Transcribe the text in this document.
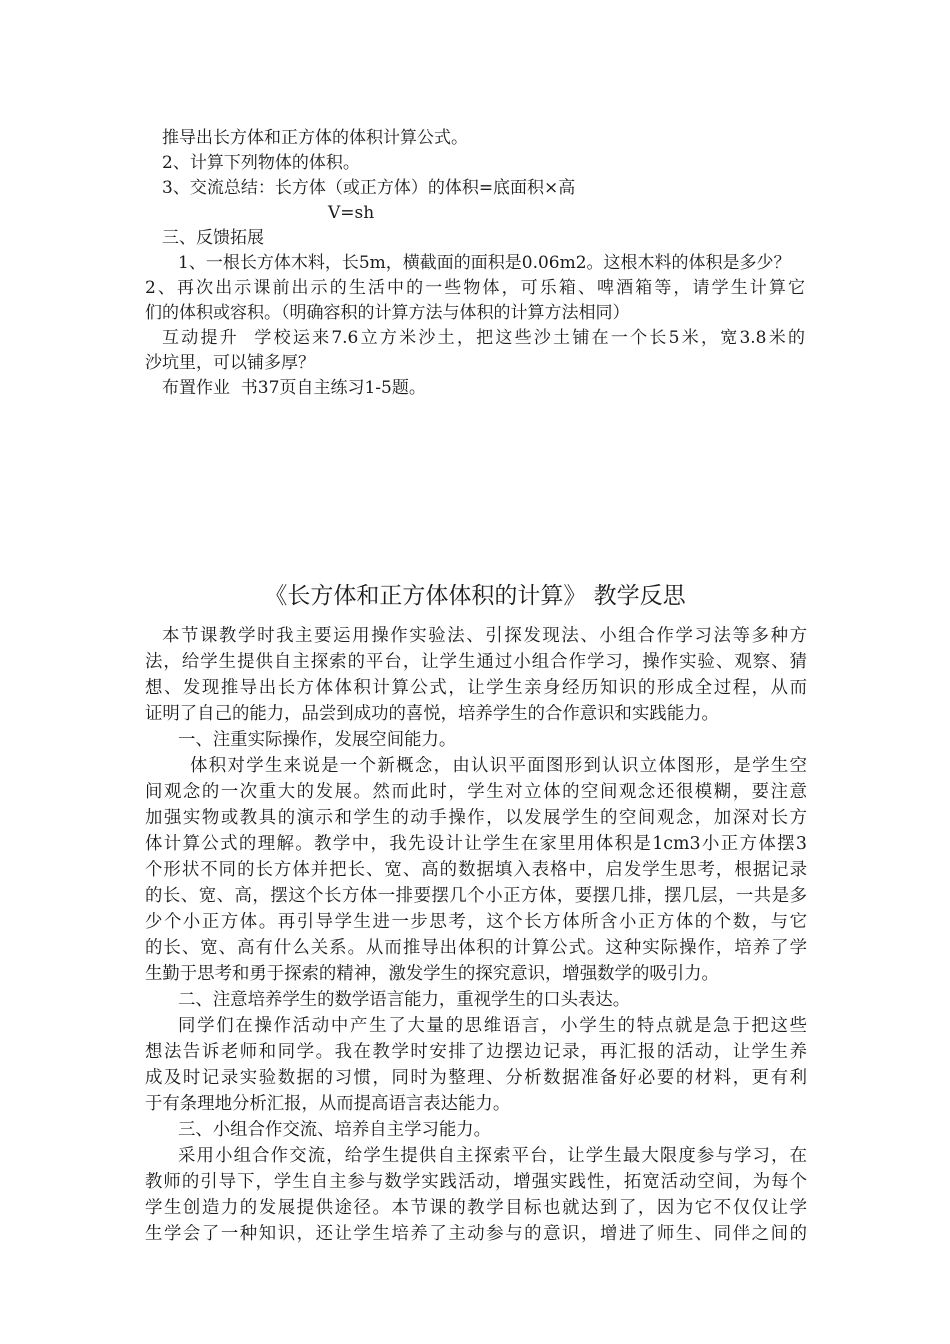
推导出长方体和正方体的体积计算公式。
2、计算下列物体的体积。
3、交流总结：长方体（或正方体）的体积=底面积×高
V=sh
三、反馈拓展
1、一根长方体木料，长5m，横截面的面积是0.06m2。这根木料的体积是多少？
2、再次出示课前出示的生活中的一些物体，可乐箱、啤酒箱等，请学生计算它
们的体积或容积。（明确容积的计算方法与体积的计算方法相同）
互动提升  学校运来7.6立方米沙土，把这些沙土铺在一个长5米，宽3.8米的
沙坑里，可以铺多厚？
布置作业  书37页自主练习1-5题。
《长方体和正方体体积的计算》 教学反思
本节课教学时我主要运用操作实验法、引探发现法、小组合作学习法等多种方
法，给学生提供自主探索的平台，让学生通过小组合作学习，操作实验、观察、猜
想、发现推导出长方体体积计算公式，让学生亲身经历知识的形成全过程，从而
证明了自己的能力，品尝到成功的喜悦，培养学生的合作意识和实践能力。
一、注重实际操作，发展空间能力。
体积对学生来说是一个新概念，由认识平面图形到认识立体图形，是学生空
间观念的一次重大的发展。然而此时，学生对立体的空间观念还很模糊，要注意
加强实物或教具的演示和学生的动手操作，以发展学生的空间观念，加深对长方
体计算公式的理解。教学中，我先设计让学生在家里用体积是1cm3小正方体摆3
个形状不同的长方体并把长、宽、高的数据填入表格中，启发学生思考，根据记录
的长、宽、高，摆这个长方体一排要摆几个小正方体，要摆几排，摆几层，一共是多
少个小正方体。再引导学生进一步思考，这个长方体所含小正方体的个数，与它
的长、宽、高有什么关系。从而推导出体积的计算公式。这种实际操作，培养了学
生勤于思考和勇于探索的精神，激发学生的探究意识，增强数学的吸引力。
二、注意培养学生的数学语言能力，重视学生的口头表达。
同学们在操作活动中产生了大量的思维语言，小学生的特点就是急于把这些
想法告诉老师和同学。我在教学时安排了边摆边记录，再汇报的活动，让学生养
成及时记录实验数据的习惯，同时为整理、分析数据准备好必要的材料，更有利
于有条理地分析汇报，从而提高语言表达能力。
三、小组合作交流、培养自主学习能力。
采用小组合作交流，给学生提供自主探索平台，让学生最大限度参与学习，在
教师的引导下，学生自主参与数学实践活动，增强实践性，拓宽活动空间，为每个
学生创造力的发展提供途径。本节课的教学目标也就达到了，因为它不仅仅让学
生学会了一种知识，还让学生培养了主动参与的意识，增进了师生、同伴之间的
